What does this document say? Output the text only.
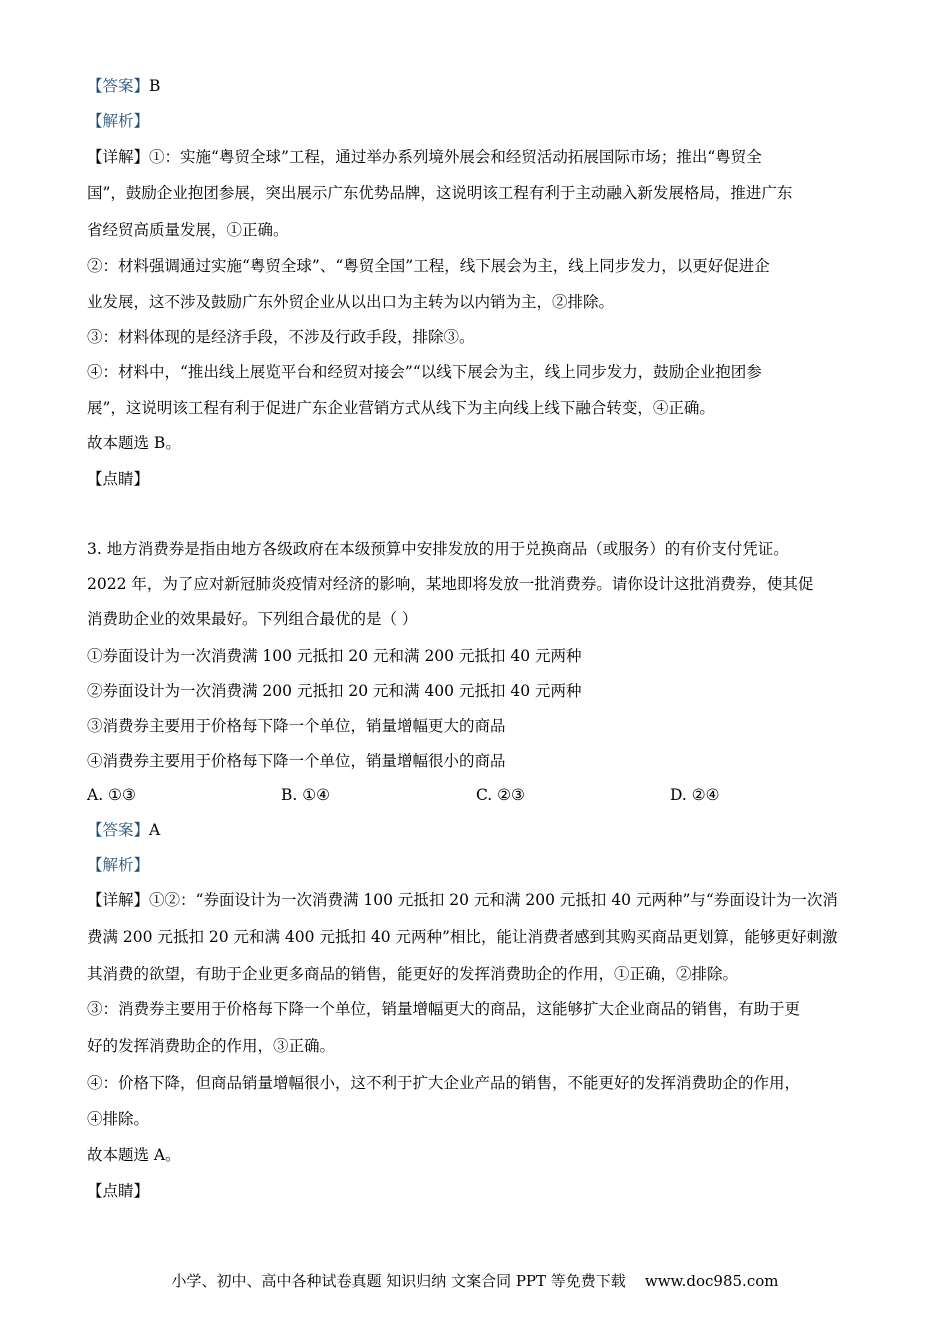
【答案】B
【解析】
【详解】①：实施“粤贸全球”工程，通过举办系列境外展会和经贸活动拓展国际市场；推出“粤贸全
国”，鼓励企业抱团参展，突出展示广东优势品牌，这说明该工程有利于主动融入新发展格局，推进广东
省经贸高质量发展，①正确。
②：材料强调通过实施“粤贸全球”、“粤贸全国”工程，线下展会为主，线上同步发力，以更好促进企
业发展，这不涉及鼓励广东外贸企业从以出口为主转为以内销为主，②排除。
③：材料体现的是经济手段，不涉及行政手段，排除③。
④：材料中，“推出线上展览平台和经贸对接会”“以线下展会为主，线上同步发力，鼓励企业抱团参
展”，这说明该工程有利于促进广东企业营销方式从线下为主向线上线下融合转变，④正确。
故本题选 B。
【点睛】
3. 地方消费券是指由地方各级政府在本级预算中安排发放的用于兑换商品（或服务）的有价支付凭证。
2022 年，为了应对新冠肺炎疫情对经济的影响，某地即将发放一批消费券。请你设计这批消费券，使其促
消费助企业的效果最好。下列组合最优的是（ ）
①券面设计为一次消费满 100 元抵扣 20 元和满 200 元抵扣 40 元两种
②券面设计为一次消费满 200 元抵扣 20 元和满 400 元抵扣 40 元两种
③消费券主要用于价格每下降一个单位，销量增幅更大的商品
④消费券主要用于价格每下降一个单位，销量增幅很小的商品
A. ①③	B. ①④	C. ②③	D. ②④
【答案】A
【解析】
【详解】①②：“券面设计为一次消费满 100 元抵扣 20 元和满 200 元抵扣 40 元两种”与“券面设计为一次消
费满 200 元抵扣 20 元和满 400 元抵扣 40 元两种”相比，能让消费者感到其购买商品更划算，能够更好刺激
其消费的欲望，有助于企业更多商品的销售，能更好的发挥消费助企的作用，①正确，②排除。
③：消费券主要用于价格每下降一个单位，销量增幅更大的商品，这能够扩大企业商品的销售，有助于更
好的发挥消费助企的作用，③正确。
④：价格下降，但商品销量增幅很小，这不利于扩大企业产品的销售，不能更好的发挥消费助企的作用，
④排除。
故本题选 A。
【点睛】
小学、初中、高中各种试卷真题 知识归纳 文案合同 PPT 等免费下载 www.doc985.com
